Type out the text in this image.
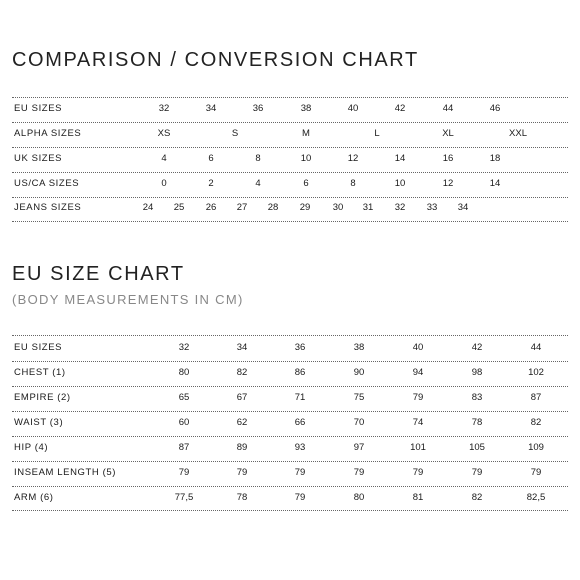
COMPARISON / CONVERSION CHART
EU SIZES	32	34	36	38	40	42	44	46
ALPHA SIZES	XS	S	M	L	XL	XXL
UK SIZES	4	6	8	10	12	14	16	18
US/CA SIZES	0	2	4	6	8	10	12	14
JEANS SIZES	24	25	26	27	28	29	30	31	32	33	34
EU SIZE CHART

(BODY MEASUREMENTS IN CM)

EU SIZES	32	34	36	38	40	42	44
CHEST (1)	80	82	86	90	94	98	102
EMPIRE (2)	65	67	71	75	79	83	87
WAIST (3)	60	62	66	70	74	78	82
HIP (4)	87	89	93	97	101	105	109
INSEAM LENGTH (5)	79	79	79	79	79	79	79
ARM (6)	77,5	78	79	80	81	82	82,5
